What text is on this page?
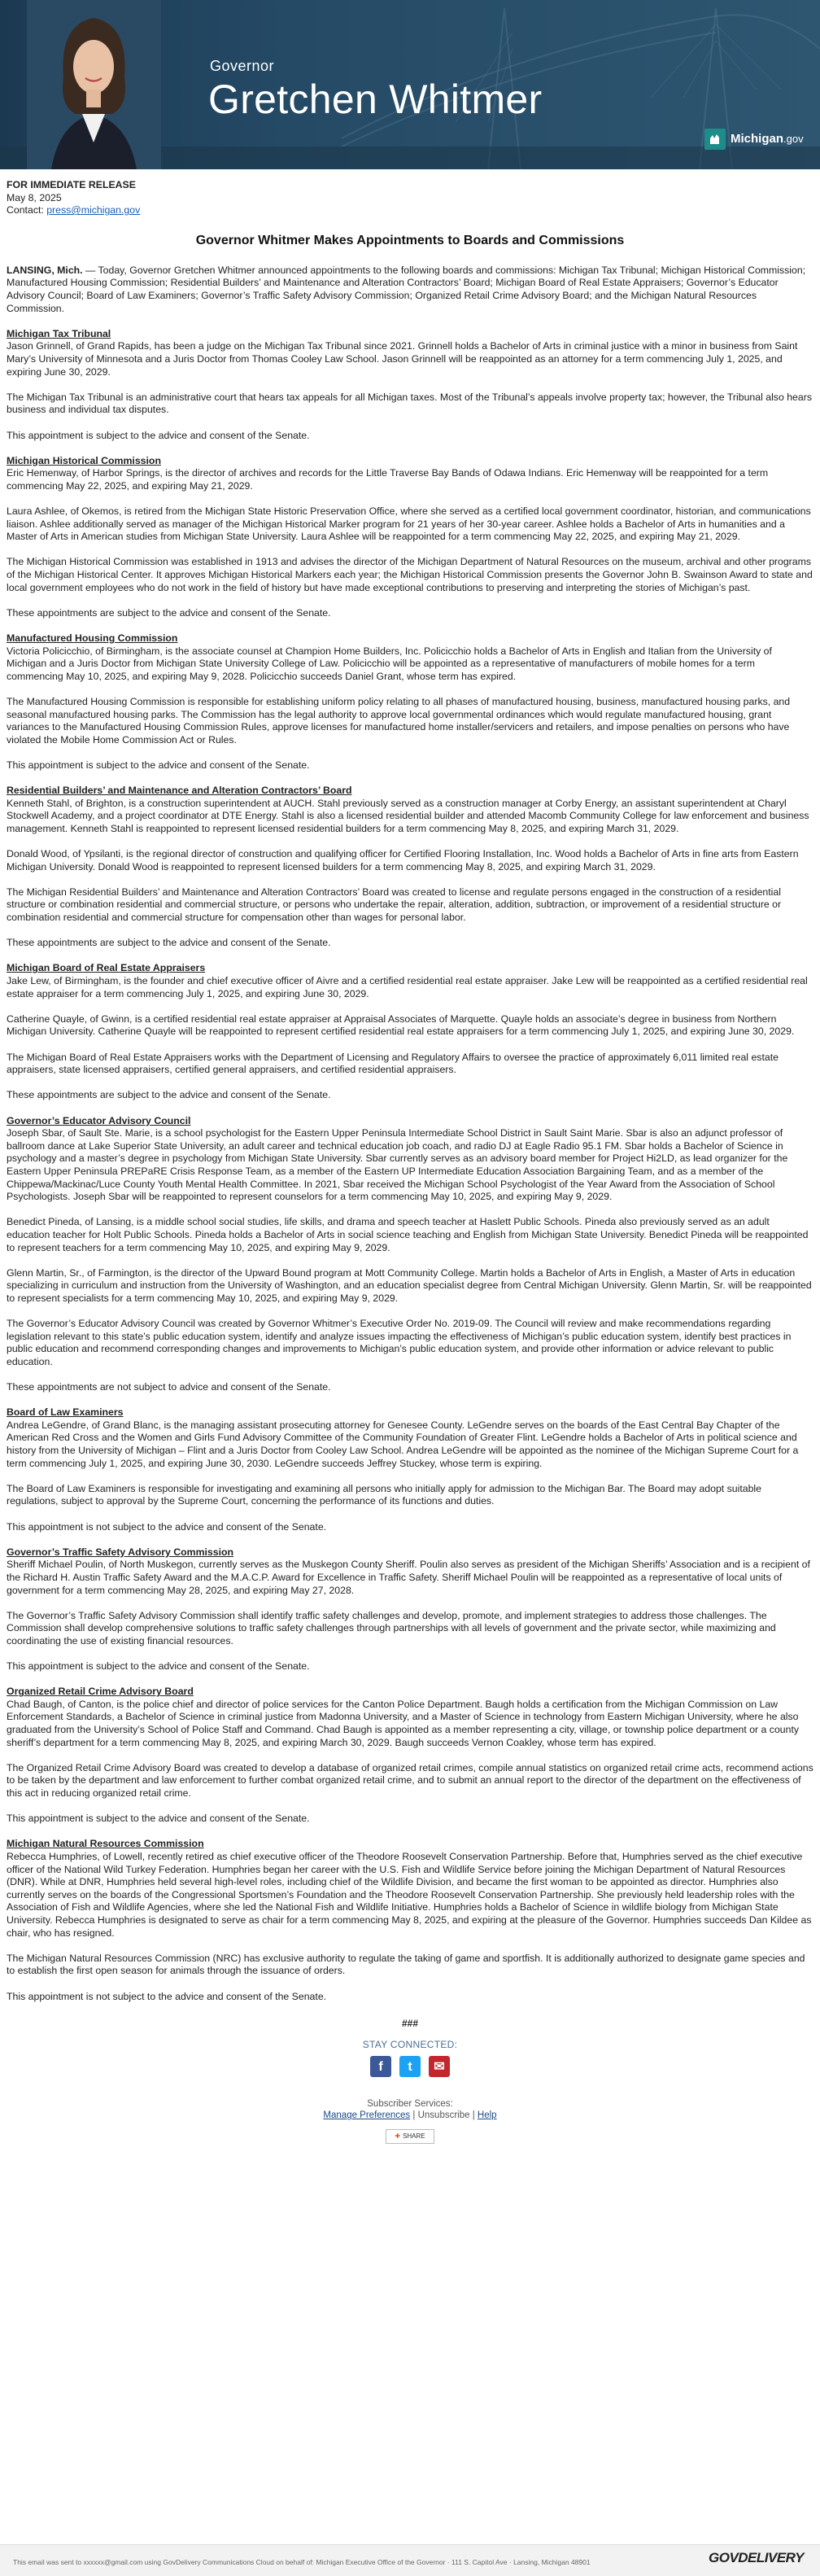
Governor
Gretchen Whitmer
Michigan.gov
FOR IMMEDIATE RELEASE
May 8, 2025
Contact: press@michigan.gov
Governor Whitmer Makes Appointments to Boards and Commissions

LANSING, Mich. — Today, Governor Gretchen Whitmer announced appointments to the following boards and commissions: Michigan Tax Tribunal; Michigan Historical Commission; Manufactured Housing Commission; Residential Builders’ and Maintenance and Alteration Contractors’ Board; Michigan Board of Real Estate Appraisers; Governor’s Educator Advisory Council; Board of Law Examiners; Governor’s Traffic Safety Advisory Commission; Organized Retail Crime Advisory Board; and the Michigan Natural Resources Commission.

Michigan Tax Tribunal
Jason Grinnell, of Grand Rapids, has been a judge on the Michigan Tax Tribunal since 2021. Grinnell holds a Bachelor of Arts in criminal justice with a minor in business from Saint Mary’s University of Minnesota and a Juris Doctor from Thomas Cooley Law School. Jason Grinnell will be reappointed as an attorney for a term commencing July 1, 2025, and expiring June 30, 2029.

The Michigan Tax Tribunal is an administrative court that hears tax appeals for all Michigan taxes. Most of the Tribunal’s appeals involve property tax; however, the Tribunal also hears business and individual tax disputes.

This appointment is subject to the advice and consent of the Senate.

Michigan Historical Commission
Eric Hemenway, of Harbor Springs, is the director of archives and records for the Little Traverse Bay Bands of Odawa Indians. Eric Hemenway will be reappointed for a term commencing May 22, 2025, and expiring May 21, 2029.

Laura Ashlee, of Okemos, is retired from the Michigan State Historic Preservation Office, where she served as a certified local government coordinator, historian, and communications liaison. Ashlee additionally served as manager of the Michigan Historical Marker program for 21 years of her 30-year career. Ashlee holds a Bachelor of Arts in humanities and a Master of Arts in American studies from Michigan State University. Laura Ashlee will be reappointed for a term commencing May 22, 2025, and expiring May 21, 2029.

The Michigan Historical Commission was established in 1913 and advises the director of the Michigan Department of Natural Resources on the museum, archival and other programs of the Michigan Historical Center. It approves Michigan Historical Markers each year; the Michigan Historical Commission presents the Governor John B. Swainson Award to state and local government employees who do not work in the field of history but have made exceptional contributions to preserving and interpreting the stories of Michigan’s past.

These appointments are subject to the advice and consent of the Senate.

Manufactured Housing Commission
Victoria Policicchio, of Birmingham, is the associate counsel at Champion Home Builders, Inc. Policicchio holds a Bachelor of Arts in English and Italian from the University of Michigan and a Juris Doctor from Michigan State University College of Law. Policicchio will be appointed as a representative of manufacturers of mobile homes for a term commencing May 10, 2025, and expiring May 9, 2028. Policicchio succeeds Daniel Grant, whose term has expired.

The Manufactured Housing Commission is responsible for establishing uniform policy relating to all phases of manufactured housing, business, manufactured housing parks, and seasonal manufactured housing parks. The Commission has the legal authority to approve local governmental ordinances which would regulate manufactured housing, grant variances to the Manufactured Housing Commission Rules, approve licenses for manufactured home installer/servicers and retailers, and impose penalties on persons who have violated the Mobile Home Commission Act or Rules.

This appointment is subject to the advice and consent of the Senate.

Residential Builders’ and Maintenance and Alteration Contractors’ Board
Kenneth Stahl, of Brighton, is a construction superintendent at AUCH. Stahl previously served as a construction manager at Corby Energy, an assistant superintendent at Charyl Stockwell Academy, and a project coordinator at DTE Energy. Stahl is also a licensed residential builder and attended Macomb Community College for law enforcement and business management. Kenneth Stahl is reappointed to represent licensed residential builders for a term commencing May 8, 2025, and expiring March 31, 2029.

Donald Wood, of Ypsilanti, is the regional director of construction and qualifying officer for Certified Flooring Installation, Inc. Wood holds a Bachelor of Arts in fine arts from Eastern Michigan University. Donald Wood is reappointed to represent licensed builders for a term commencing May 8, 2025, and expiring March 31, 2029.

The Michigan Residential Builders’ and Maintenance and Alteration Contractors’ Board was created to license and regulate persons engaged in the construction of a residential structure or combination residential and commercial structure, or persons who undertake the repair, alteration, addition, subtraction, or improvement of a residential structure or combination residential and commercial structure for compensation other than wages for personal labor.

These appointments are subject to the advice and consent of the Senate.

Michigan Board of Real Estate Appraisers
Jake Lew, of Birmingham, is the founder and chief executive officer of Aivre and a certified residential real estate appraiser. Jake Lew will be reappointed as a certified residential real estate appraiser for a term commencing July 1, 2025, and expiring June 30, 2029.

Catherine Quayle, of Gwinn, is a certified residential real estate appraiser at Appraisal Associates of Marquette. Quayle holds an associate’s degree in business from Northern Michigan University. Catherine Quayle will be reappointed to represent certified residential real estate appraisers for a term commencing July 1, 2025, and expiring June 30, 2029.

The Michigan Board of Real Estate Appraisers works with the Department of Licensing and Regulatory Affairs to oversee the practice of approximately 6,011 limited real estate appraisers, state licensed appraisers, certified general appraisers, and certified residential appraisers.

These appointments are subject to the advice and consent of the Senate.

Governor’s Educator Advisory Council
Joseph Sbar, of Sault Ste. Marie, is a school psychologist for the Eastern Upper Peninsula Intermediate School District in Sault Saint Marie. Sbar is also an adjunct professor of ballroom dance at Lake Superior State University, an adult career and technical education job coach, and radio DJ at Eagle Radio 95.1 FM. Sbar holds a Bachelor of Science in psychology and a master’s degree in psychology from Michigan State University. Sbar currently serves as an advisory board member for Project Hi2LD, as lead organizer for the Eastern Upper Peninsula PREPaRE Crisis Response Team, as a member of the Eastern UP Intermediate Education Association Bargaining Team, and as a member of the Chippewa/Mackinac/Luce County Youth Mental Health Committee. In 2021, Sbar received the Michigan School Psychologist of the Year Award from the Association of School Psychologists. Joseph Sbar will be reappointed to represent counselors for a term commencing May 10, 2025, and expiring May 9, 2029.

Benedict Pineda, of Lansing, is a middle school social studies, life skills, and drama and speech teacher at Haslett Public Schools. Pineda also previously served as an adult education teacher for Holt Public Schools. Pineda holds a Bachelor of Arts in social science teaching and English from Michigan State University. Benedict Pineda will be reappointed to represent teachers for a term commencing May 10, 2025, and expiring May 9, 2029.

Glenn Martin, Sr., of Farmington, is the director of the Upward Bound program at Mott Community College. Martin holds a Bachelor of Arts in English, a Master of Arts in education specializing in curriculum and instruction from the University of Washington, and an education specialist degree from Central Michigan University. Glenn Martin, Sr. will be reappointed to represent specialists for a term commencing May 10, 2025, and expiring May 9, 2029.

The Governor’s Educator Advisory Council was created by Governor Whitmer’s Executive Order No. 2019-09. The Council will review and make recommendations regarding legislation relevant to this state’s public education system, identify and analyze issues impacting the effectiveness of Michigan’s public education system, identify best practices in public education and recommend corresponding changes and improvements to Michigan’s public education system, and provide other information or advice relevant to public education.

These appointments are not subject to advice and consent of the Senate.

Board of Law Examiners
Andrea LeGendre, of Grand Blanc, is the managing assistant prosecuting attorney for Genesee County. LeGendre serves on the boards of the East Central Bay Chapter of the American Red Cross and the Women and Girls Fund Advisory Committee of the Community Foundation of Greater Flint. LeGendre holds a Bachelor of Arts in political science and history from the University of Michigan – Flint and a Juris Doctor from Cooley Law School. Andrea LeGendre will be appointed as the nominee of the Michigan Supreme Court for a term commencing July 1, 2025, and expiring June 30, 2030. LeGendre succeeds Jeffrey Stuckey, whose term is expiring.

The Board of Law Examiners is responsible for investigating and examining all persons who initially apply for admission to the Michigan Bar. The Board may adopt suitable regulations, subject to approval by the Supreme Court, concerning the performance of its functions and duties.

This appointment is not subject to the advice and consent of the Senate.

Governor’s Traffic Safety Advisory Commission
Sheriff Michael Poulin, of North Muskegon, currently serves as the Muskegon County Sheriff. Poulin also serves as president of the Michigan Sheriffs’ Association and is a recipient of the Richard H. Austin Traffic Safety Award and the M.A.C.P. Award for Excellence in Traffic Safety. Sheriff Michael Poulin will be reappointed as a representative of local units of government for a term commencing May 28, 2025, and expiring May 27, 2028.

The Governor’s Traffic Safety Advisory Commission shall identify traffic safety challenges and develop, promote, and implement strategies to address those challenges. The Commission shall develop comprehensive solutions to traffic safety challenges through partnerships with all levels of government and the private sector, while maximizing and coordinating the use of existing financial resources.

This appointment is subject to the advice and consent of the Senate.

Organized Retail Crime Advisory Board
Chad Baugh, of Canton, is the police chief and director of police services for the Canton Police Department. Baugh holds a certification from the Michigan Commission on Law Enforcement Standards, a Bachelor of Science in criminal justice from Madonna University, and a Master of Science in technology from Eastern Michigan University, where he also graduated from the University’s School of Police Staff and Command. Chad Baugh is appointed as a member representing a city, village, or township police department or a county sheriff’s department for a term commencing May 8, 2025, and expiring March 30, 2029. Baugh succeeds Vernon Coakley, whose term has expired.

The Organized Retail Crime Advisory Board was created to develop a database of organized retail crimes, compile annual statistics on organized retail crime acts, recommend actions to be taken by the department and law enforcement to further combat organized retail crime, and to submit an annual report to the director of the department on the effectiveness of this act in reducing organized retail crime.

This appointment is subject to the advice and consent of the Senate.

Michigan Natural Resources Commission
Rebecca Humphries, of Lowell, recently retired as chief executive officer of the Theodore Roosevelt Conservation Partnership. Before that, Humphries served as the chief executive officer of the National Wild Turkey Federation. Humphries began her career with the U.S. Fish and Wildlife Service before joining the Michigan Department of Natural Resources (DNR). While at DNR, Humphries held several high-level roles, including chief of the Wildlife Division, and became the first woman to be appointed as director. Humphries also currently serves on the boards of the Congressional Sportsmen’s Foundation and the Theodore Roosevelt Conservation Partnership. She previously held leadership roles with the Association of Fish and Wildlife Agencies, where she led the National Fish and Wildlife Initiative. Humphries holds a Bachelor of Science in wildlife biology from Michigan State University. Rebecca Humphries is designated to serve as chair for a term commencing May 8, 2025, and expiring at the pleasure of the Governor. Humphries succeeds Dan Kildee as chair, who has resigned.

The Michigan Natural Resources Commission (NRC) has exclusive authority to regulate the taking of game and sportfish. It is additionally authorized to designate game species and to establish the first open season for animals through the issuance of orders.

This appointment is not subject to the advice and consent of the Senate.

###
STAY CONNECTED:
f	t	✉
Subscriber Services:
Manage Preferences | Unsubscribe | Help
✚ SHARE
This email was sent to xxxxxx@gmail.com using GovDelivery Communications Cloud on behalf of: Michigan Executive Office of the Governor · 111 S. Capitol Ave · Lansing, Michigan 48901	GOVDELIVERY
